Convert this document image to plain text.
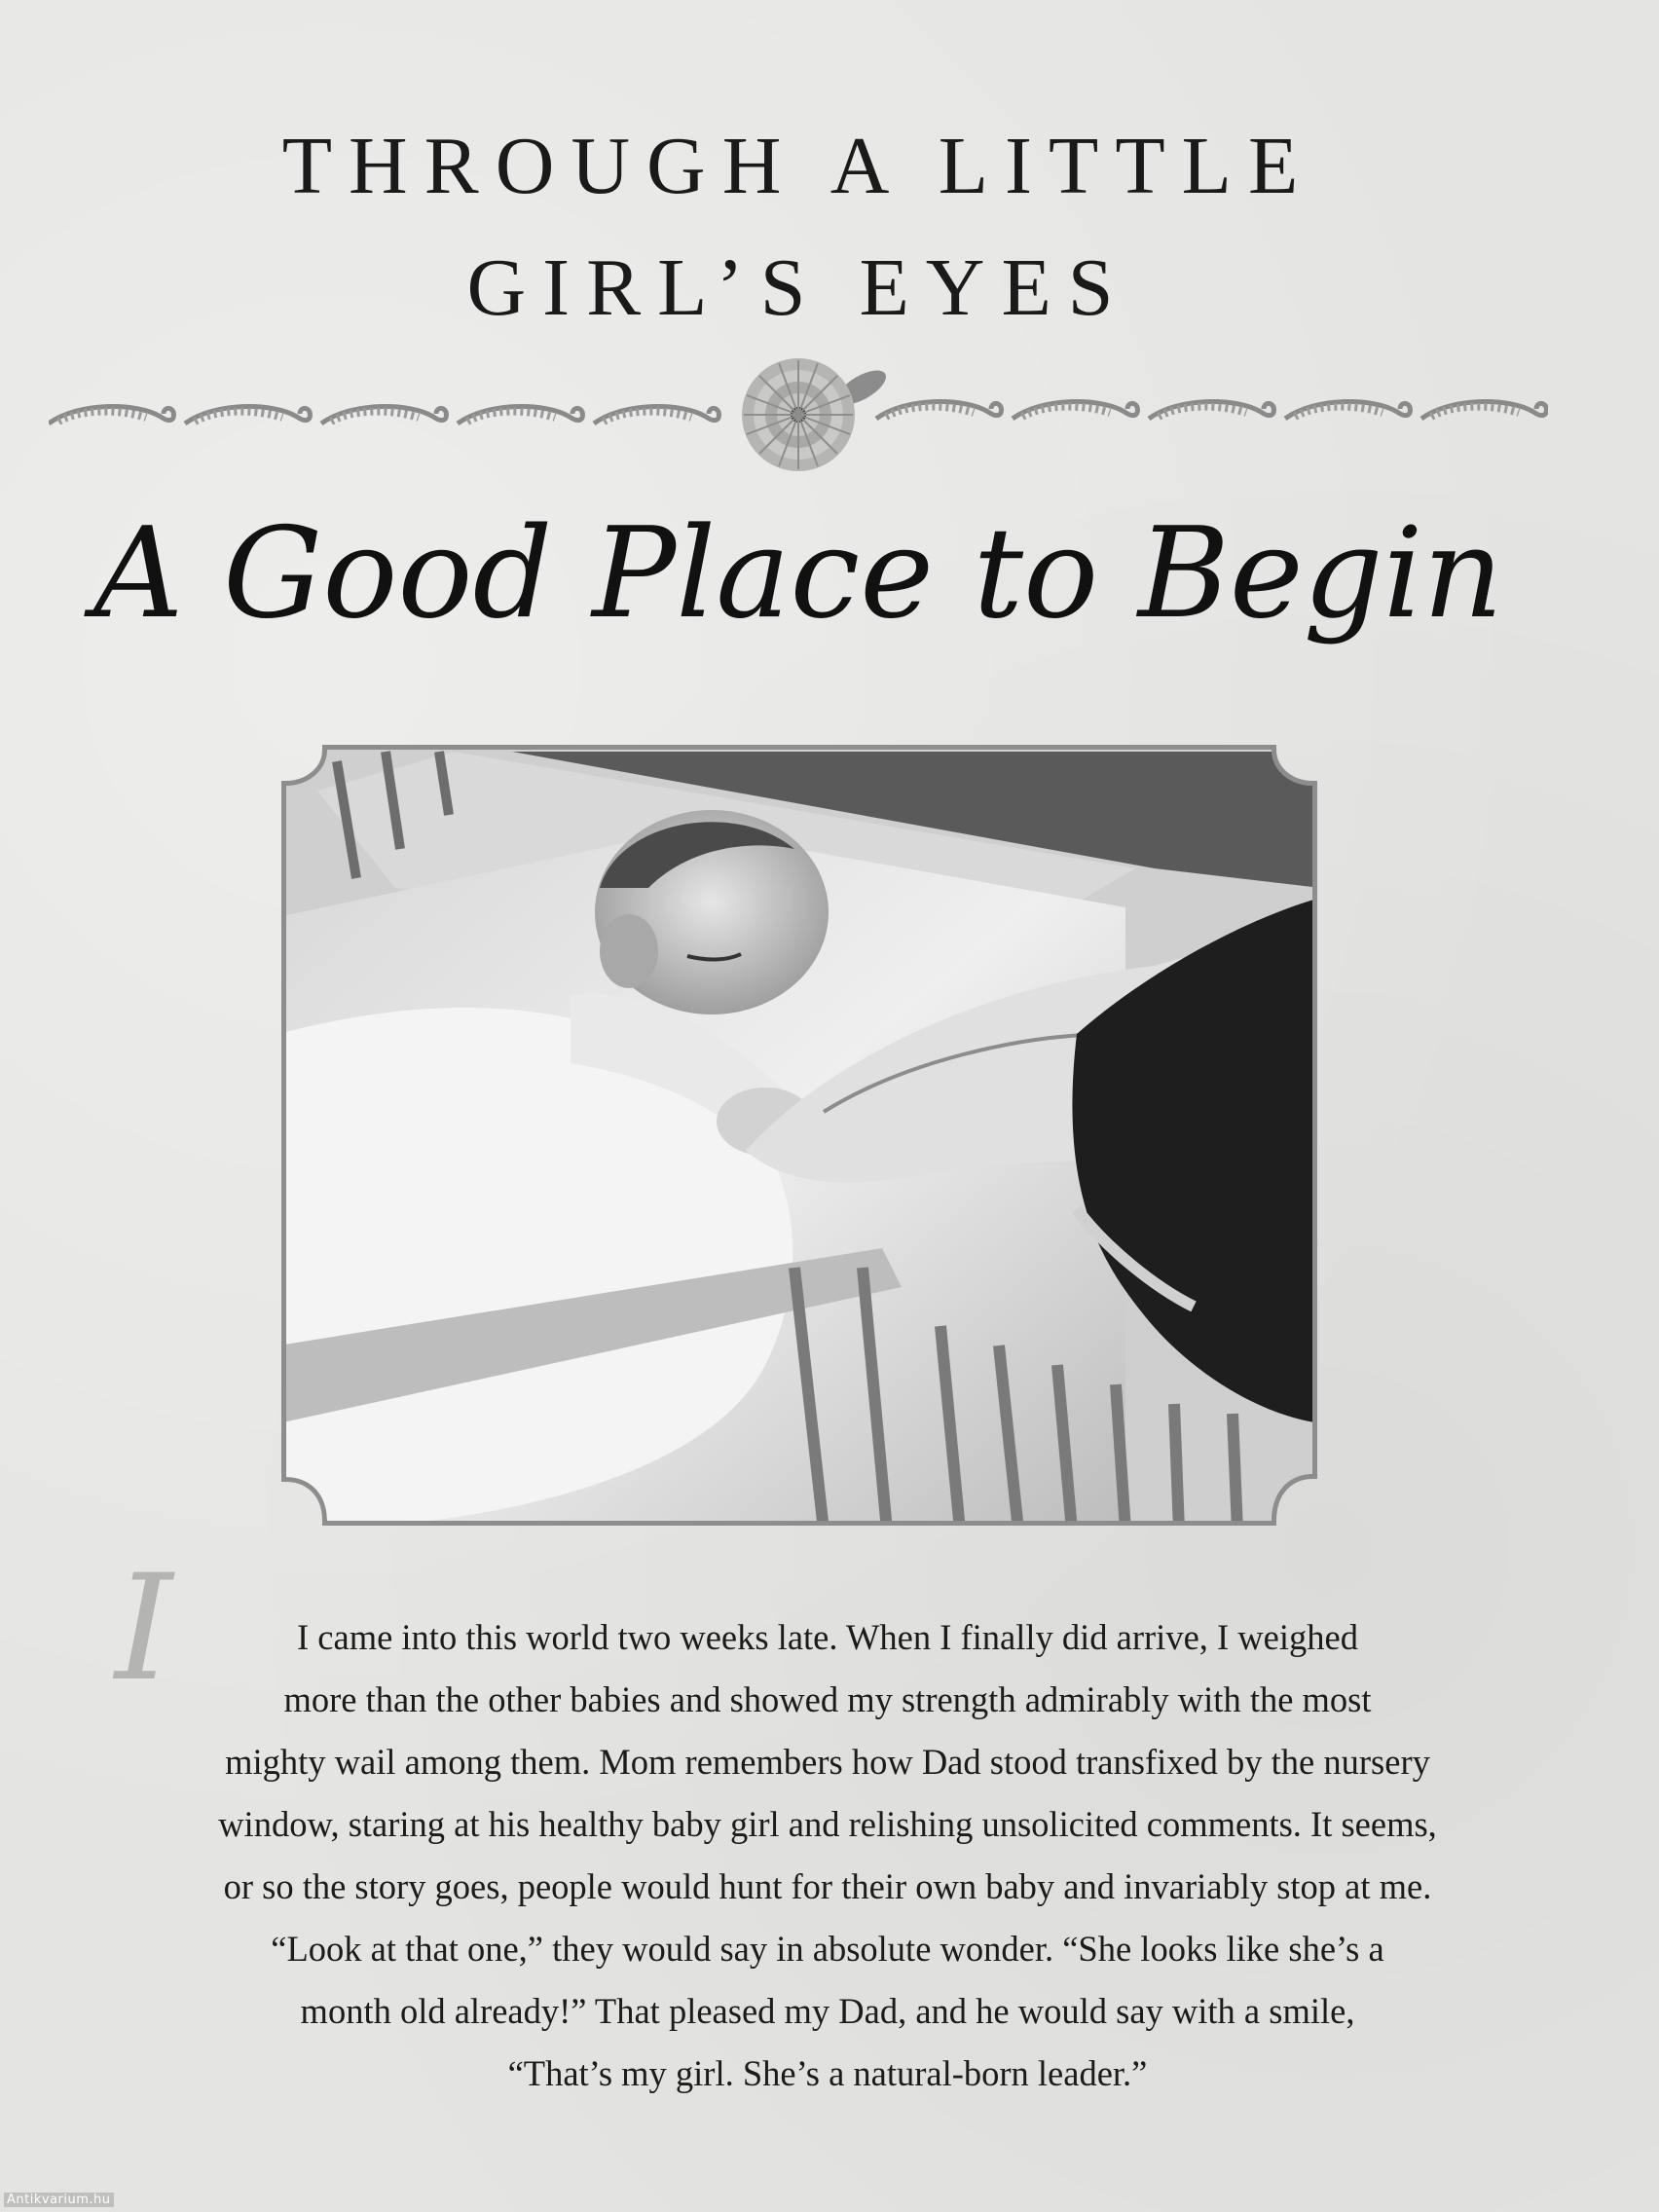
THROUGH A LITTLE
GIRL’S EYES
A Good Place to Begin
I	I came into this world two weeks late. When I finally did arrive, I weighed
more than the other babies and showed my strength admirably with the most
mighty wail among them. Mom remembers how Dad stood transfixed by the nursery
window, staring at his healthy baby girl and relishing unsolicited comments. It seems,
or so the story goes, people would hunt for their own baby and invariably stop at me.
“Look at that one,” they would say in absolute wonder. “She looks like she’s a
month old already!” That pleased my Dad, and he would say with a smile,
“That’s my girl. She’s a natural-born leader.”
Antikvarium.hu
